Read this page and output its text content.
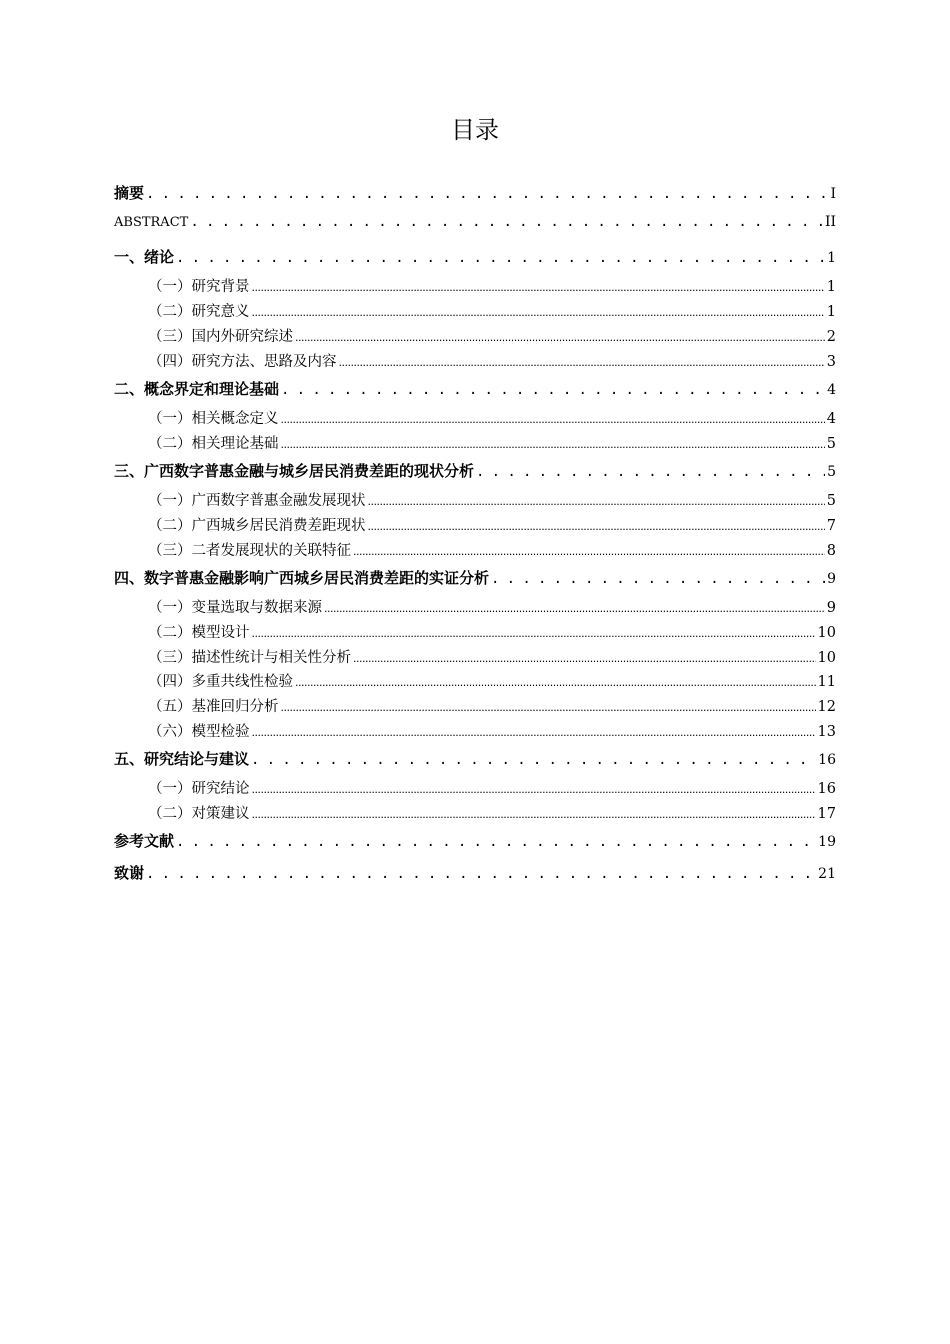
目录
摘要 . . .	I
ABSTRACT . . .	II
一、绪论 . . .	1
（一）研究背景 .....	1
（二）研究意义 .....	1
（三）国内外研究综述 .....	2
（四）研究方法、思路及内容 .....	3
二、概念界定和理论基础 . . .	4
（一）相关概念定义 .....	4
（二）相关理论基础 .....	5
三、广西数字普惠金融与城乡居民消费差距的现状分析 . . .	5
（一）广西数字普惠金融发展现状 .....	5
（二）广西城乡居民消费差距现状 .....	7
（三）二者发展现状的关联特征 .....	8
四、数字普惠金融影响广西城乡居民消费差距的实证分析 . . .	9
（一）变量选取与数据来源 .....	9
（二）模型设计 .....	10
（三）描述性统计与相关性分析 .....	10
（四）多重共线性检验 .....	11
（五）基准回归分析 .....	12
（六）模型检验 .....	13
五、研究结论与建议 . . .	16
（一）研究结论 .....	16
（二）对策建议 .....	17
参考文献 . . .	19
致谢 . . .	21
